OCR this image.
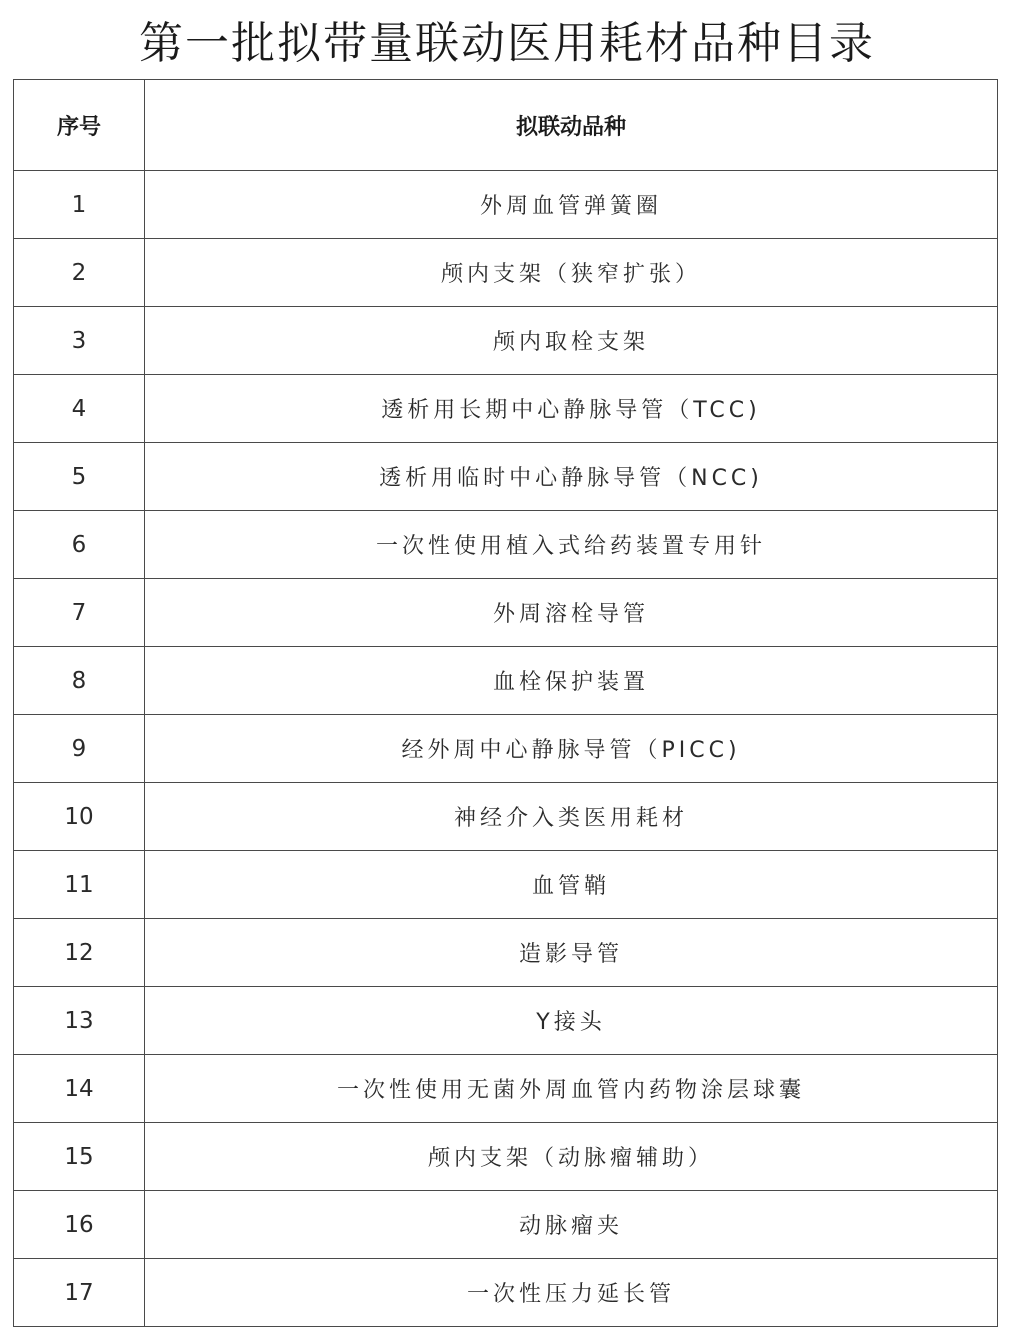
第一批拟带量联动医用耗材品种目录
序号	拟联动品种
1	外周血管弹簧圈
2	颅内支架（狭窄扩张）
3	颅内取栓支架
4	透析用长期中心静脉导管（TCC)
5	透析用临时中心静脉导管（NCC)
6	一次性使用植入式给药装置专用针
7	外周溶栓导管
8	血栓保护装置
9	经外周中心静脉导管（PICC)
10	神经介入类医用耗材
11	血管鞘
12	造影导管
13	Y接头
14	一次性使用无菌外周血管内药物涂层球囊
15	颅内支架（动脉瘤辅助）
16	动脉瘤夹
17	一次性压力延长管
